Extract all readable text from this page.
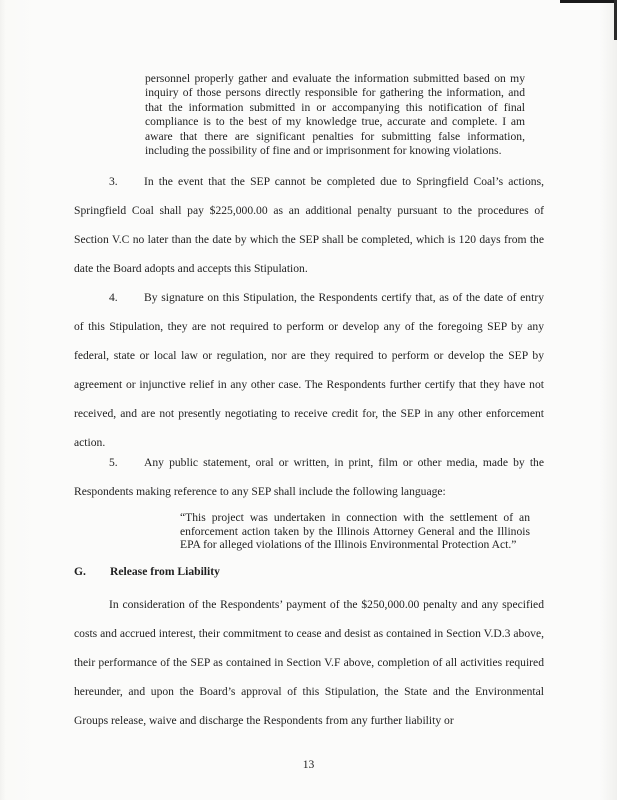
personnel properly gather and evaluate the information submitted based on my inquiry of those persons directly responsible for gathering the information, and that the information submitted in or accompanying this notification of final compliance is to the best of my knowledge true, accurate and complete. I am aware that there are significant penalties for submitting false information, including the possibility of fine and or imprisonment for knowing violations.

3. In the event that the SEP cannot be completed due to Springfield Coal’s actions, Springfield Coal shall pay $225,000.00 as an additional penalty pursuant to the procedures of Section V.C no later than the date by which the SEP shall be completed, which is 120 days from the date the Board adopts and accepts this Stipulation.
4. By signature on this Stipulation, the Respondents certify that, as of the date of entry of this Stipulation, they are not required to perform or develop any of the foregoing SEP by any federal, state or local law or regulation, nor are they required to perform or develop the SEP by agreement or injunctive relief in any other case. The Respondents further certify that they have not received, and are not presently negotiating to receive credit for, the SEP in any other enforcement action.
5. Any public statement, oral or written, in print, film or other media, made by the Respondents making reference to any SEP shall include the following language:
“This project was undertaken in connection with the settlement of an enforcement action taken by the Illinois Attorney General and the Illinois EPA for alleged violations of the Illinois Environmental Protection Act.”
G. Release from Liability
In consideration of the Respondents’ payment of the $250,000.00 penalty and any specified costs and accrued interest, their commitment to cease and desist as contained in Section V.D.3 above, their performance of the SEP as contained in Section V.F above, completion of all activities required hereunder, and upon the Board’s approval of this Stipulation, the State and the Environmental Groups release, waive and discharge the Respondents from any further liability or
13
